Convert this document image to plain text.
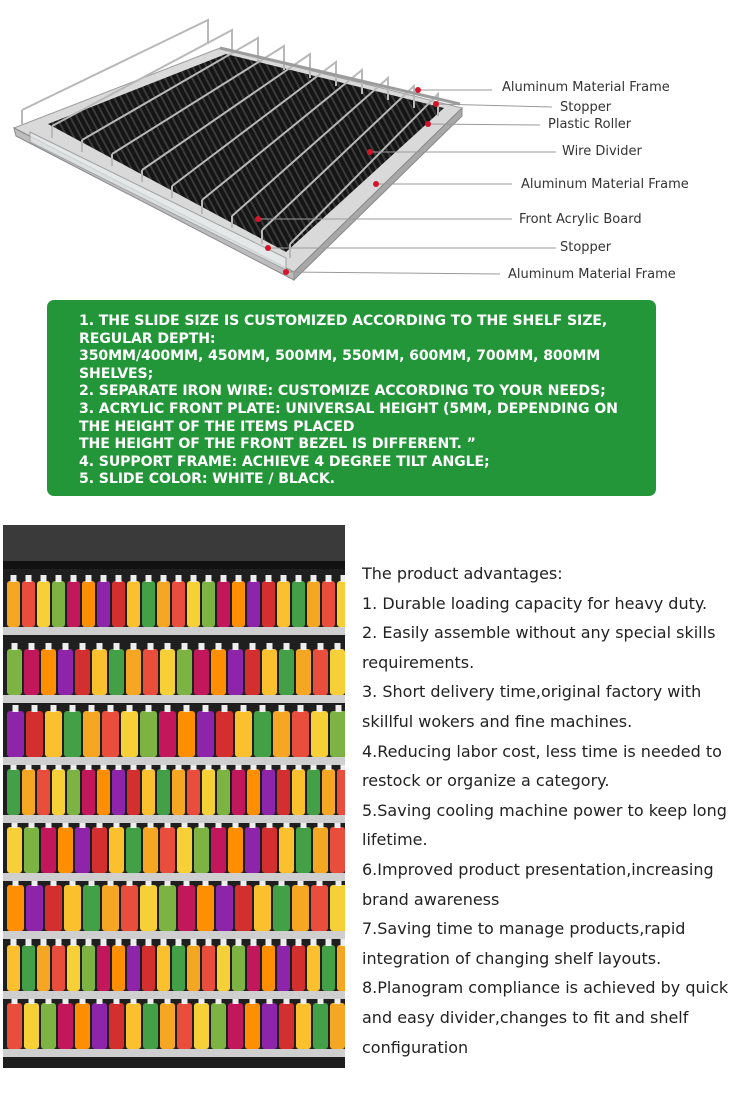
Aluminum Material Frame
Stopper
Plastic Roller
Wire Divider
Aluminum Material Frame
Front Acrylic Board
Stopper
Aluminum Material Frame
1. THE SLIDE SIZE IS CUSTOMIZED ACCORDING TO THE SHELF SIZE,
REGULAR DEPTH:
350MM/400MM, 450MM, 500MM, 550MM, 600MM, 700MM, 800MM
SHELVES;
2. SEPARATE IRON WIRE: CUSTOMIZE ACCORDING TO YOUR NEEDS;
3. ACRYLIC FRONT PLATE: UNIVERSAL HEIGHT (5MM, DEPENDING ON
THE HEIGHT OF THE ITEMS PLACED
THE HEIGHT OF THE FRONT BEZEL IS DIFFERENT. ”
4. SUPPORT FRAME: ACHIEVE 4 DEGREE TILT ANGLE;
5. SLIDE COLOR: WHITE / BLACK.
The product advantages:
1. Durable loading capacity for heavy duty.
2. Easily assemble without any special skills
requirements.
3. Short delivery time,original factory with
skillful wokers and fine machines.
4.Reducing labor cost, less time is needed to
restock or organize a category.
5.Saving cooling machine power to keep long
lifetime.
6.Improved product presentation,increasing
brand awareness
7.Saving time to manage products,rapid
integration of changing shelf layouts.
8.Planogram compliance is achieved by quick
and easy divider,changes to fit and shelf
configuration
